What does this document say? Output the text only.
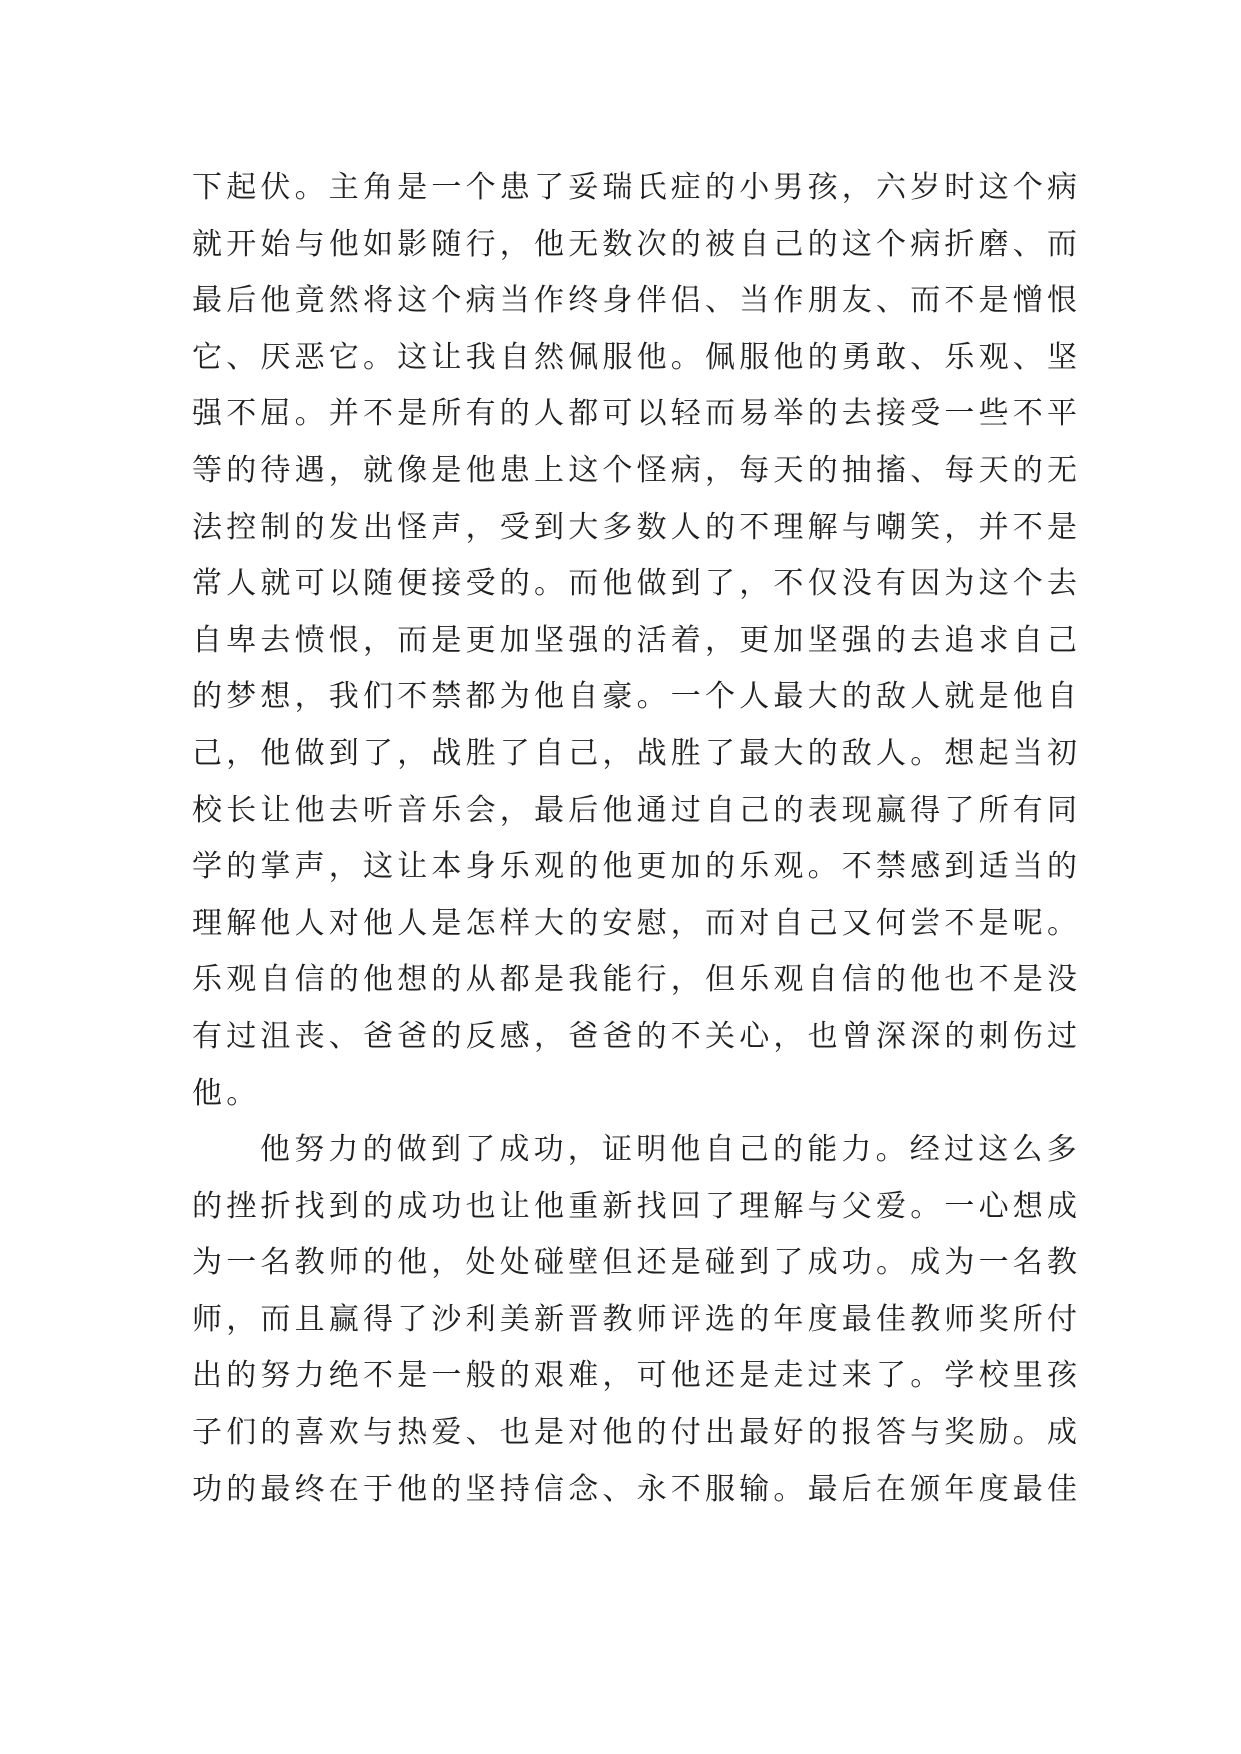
下起伏。主角是一个患了妥瑞氏症的小男孩，六岁时这个病
就开始与他如影随行，他无数次的被自己的这个病折磨、而
最后他竟然将这个病当作终身伴侣、当作朋友、而不是憎恨
它、厌恶它。这让我自然佩服他。佩服他的勇敢、乐观、坚
强不屈。并不是所有的人都可以轻而易举的去接受一些不平
等的待遇，就像是他患上这个怪病，每天的抽搐、每天的无
法控制的发出怪声，受到大多数人的不理解与嘲笑，并不是
常人就可以随便接受的。而他做到了，不仅没有因为这个去
自卑去愤恨，而是更加坚强的活着，更加坚强的去追求自己
的梦想，我们不禁都为他自豪。一个人最大的敌人就是他自
己，他做到了，战胜了自己，战胜了最大的敌人。想起当初
校长让他去听音乐会，最后他通过自己的表现赢得了所有同
学的掌声，这让本身乐观的他更加的乐观。不禁感到适当的
理解他人对他人是怎样大的安慰，而对自己又何尝不是呢。
乐观自信的他想的从都是我能行，但乐观自信的他也不是没
有过沮丧、爸爸的反感，爸爸的不关心，也曾深深的刺伤过
他。
他努力的做到了成功，证明他自己的能力。经过这么多
的挫折找到的成功也让他重新找回了理解与父爱。一心想成
为一名教师的他，处处碰壁但还是碰到了成功。成为一名教
师，而且赢得了沙利美新晋教师评选的年度最佳教师奖所付
出的努力绝不是一般的艰难，可他还是走过来了。学校里孩
子们的喜欢与热爱、也是对他的付出最好的报答与奖励。成
功的最终在于他的坚持信念、永不服输。最后在颁年度最佳
